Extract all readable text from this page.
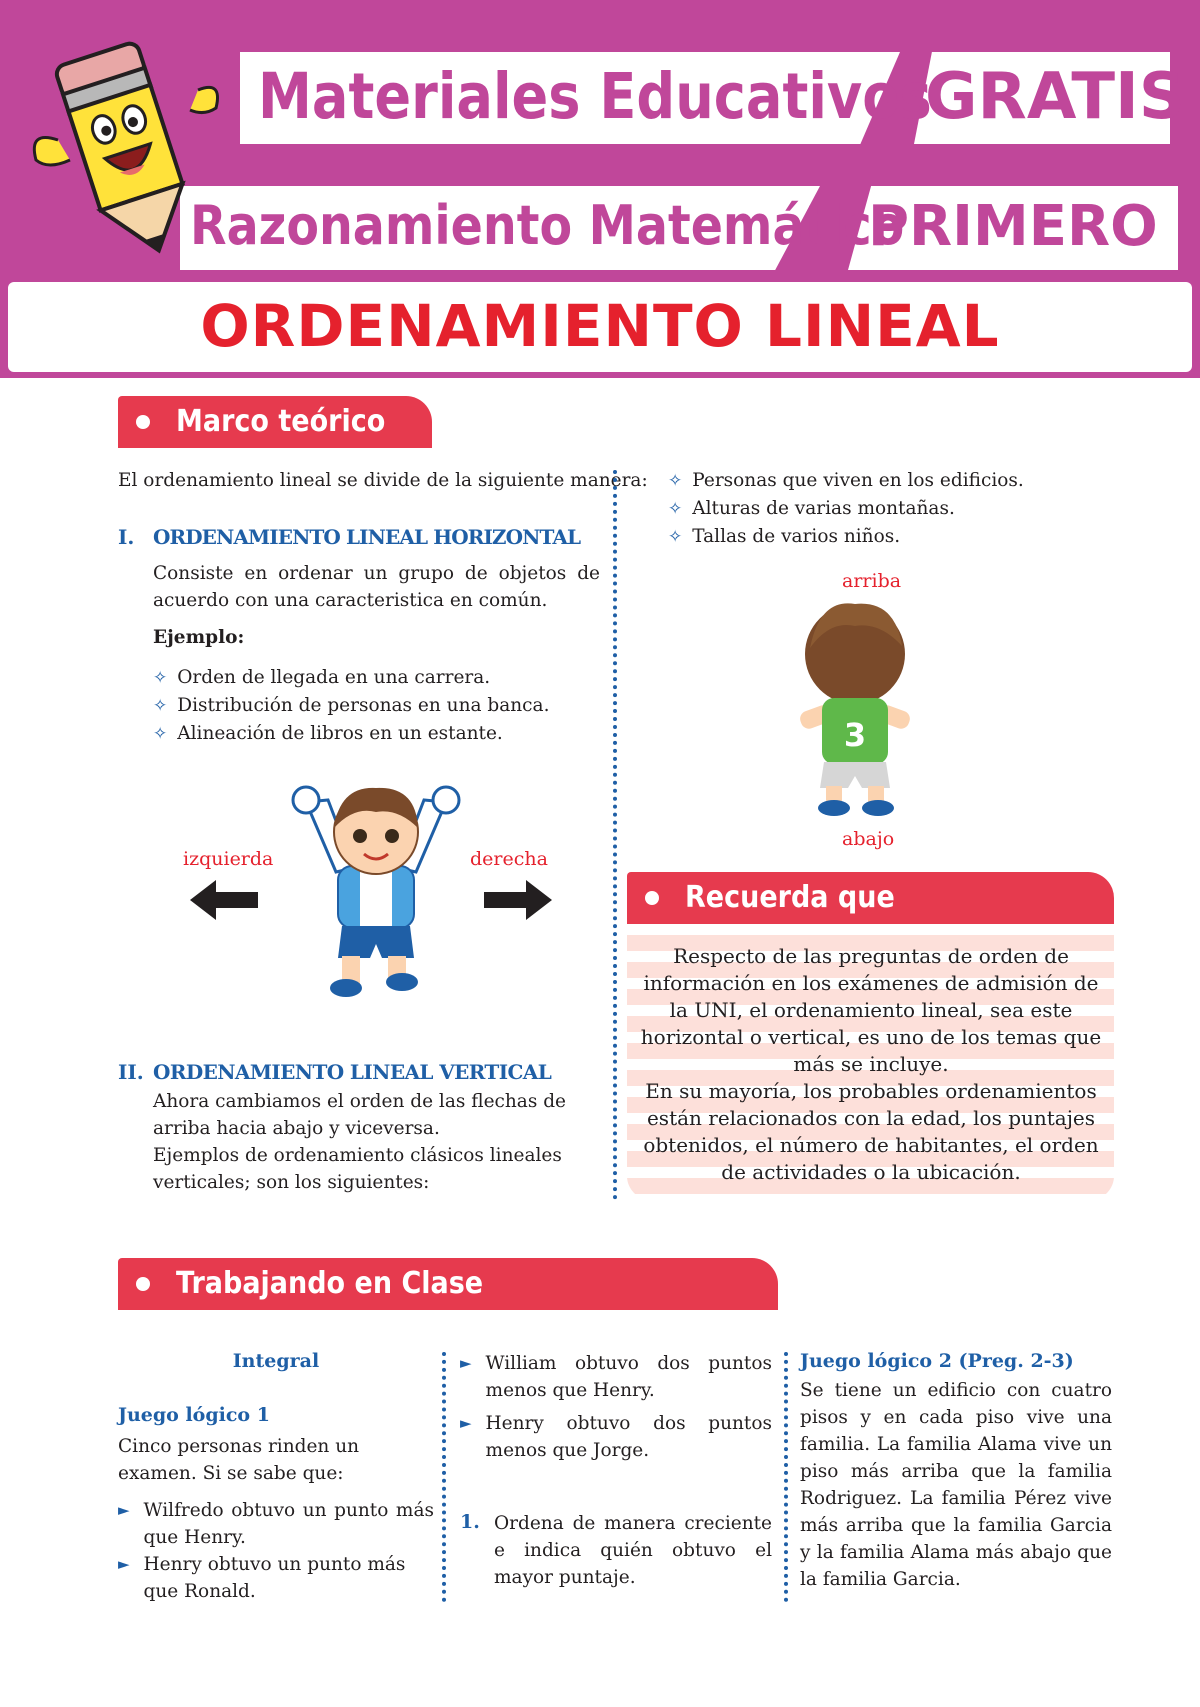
Materiales Educativos
GRATIS
Razonamiento Matemático
PRIMERO
ORDENAMIENTO LINEAL
Marco teórico
El ordenamiento lineal se divide de la siguiente manera:
I. ORDENAMIENTO LINEAL HORIZONTAL
Consiste en ordenar un grupo de objetos de acuerdo con una caracteristica en común.
Ejemplo:
✧ Orden de llegada en una carrera.
✧ Distribución de personas en una banca.
✧ Alineación de libros en un estante.
izquierda	derecha
II. ORDENAMIENTO LINEAL VERTICAL
Ahora cambiamos el orden de las flechas de arriba hacia abajo y viceversa.
Ejemplos de ordenamiento clásicos lineales verticales; son los siguientes:
✧ Personas que viven en los edificios.
✧ Alturas de varias montañas.
✧ Tallas de varios niños.
arriba
abajo
3
Recuerda que
Respecto de las preguntas de orden de información en los exámenes de admisión de la UNI, el ordenamiento lineal, sea este horizontal o vertical, es uno de los temas que más se incluye.
En su mayoría, los probables ordenamientos están relacionados con la edad, los puntajes obtenidos, el número de habitantes, el orden de actividades o la ubicación.
Trabajando en Clase
Integral
Juego lógico 1
Cinco personas rinden un examen. Si se sabe que:
► Wilfredo obtuvo un punto más que Henry.
► Henry obtuvo un punto más que Ronald.
► William obtuvo dos puntos menos que Henry.
► Henry obtuvo dos puntos menos que Jorge.
1. Ordena de manera creciente e indica quién obtuvo el mayor puntaje.
Juego lógico 2 (Preg. 2-3)
Se tiene un edificio con cuatro pisos y en cada piso vive una familia. La familia Alama vive un piso más arriba que la familia Rodriguez. La familia Pérez vive más arriba que la familia Garcia y la familia Alama más abajo que la familia Garcia.
